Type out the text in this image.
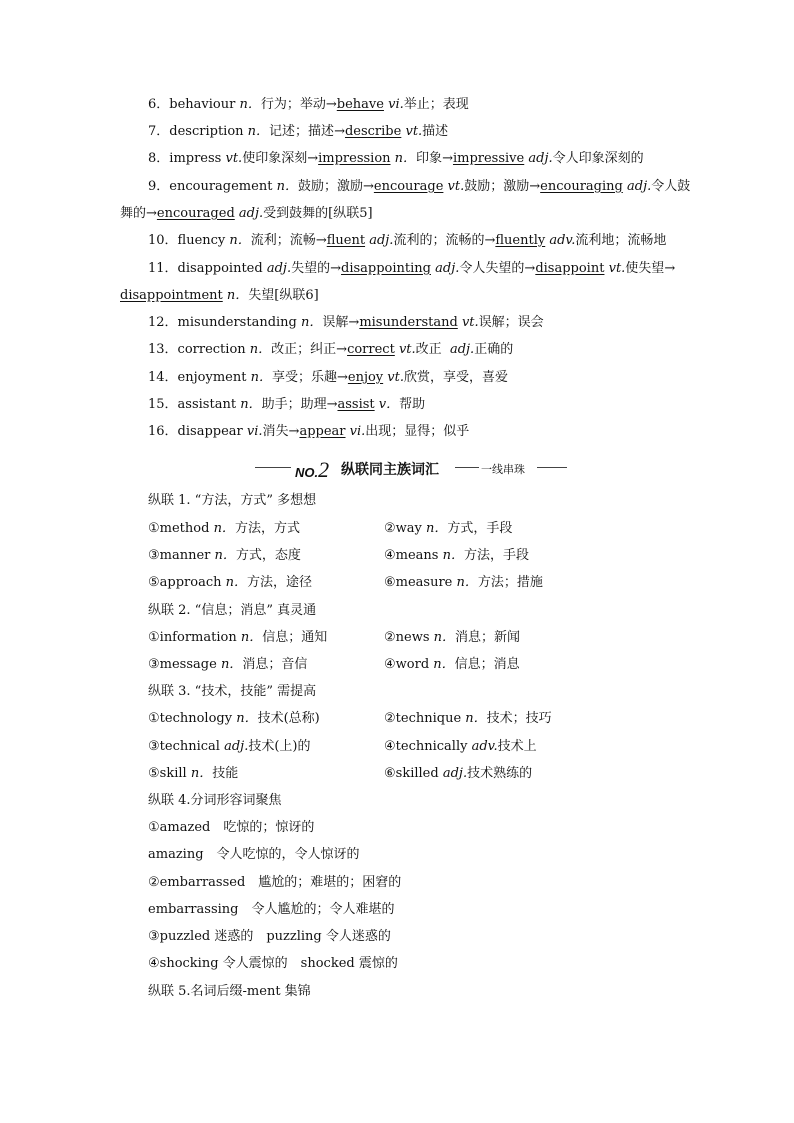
6．behaviour n．行为；举动→behave vi.举止；表现
7．description n．记述；描述→describe vt.描述
8．impress vt.使印象深刻→impression n．印象→impressive adj.令人印象深刻的
9．encouragement n．鼓励；激励→encourage vt.鼓励；激励→encouraging adj.令人鼓
舞的→encouraged adj.受到鼓舞的[纵联5]
10．fluency n．流利；流畅→fluent adj.流利的；流畅的→fluently adv.流利地；流畅地
11．disappointed adj.失望的→disappointing adj.令人失望的→disappoint vt.使失望→
disappointment n．失望[纵联6]
12．misunderstanding n．误解→misunderstand vt.误解；误会
13．correction n．改正；纠正→correct vt.改正 adj.正确的
14．enjoyment n．享受；乐趣→enjoy vt.欣赏，享受，喜爱
15．assistant n．助手；助理→assist v．帮助
16．disappear vi.消失→appear vi.出现；显得；似乎
NO.2 纵联同主族词汇	一线串珠
纵联 1. “方法，方式” 多想想
①method n．方法，方式	②way n．方式，手段
③manner n．方式，态度	④means n．方法，手段
⑤approach n．方法，途径	⑥measure n．方法；措施
纵联 2. “信息；消息” 真灵通
①information n．信息；通知	②news n．消息；新闻
③message n．消息；音信	④word n．信息；消息
纵联 3. “技术，技能” 需提高
①technology n．技术(总称)	②technique n．技术；技巧
③technical adj.技术(上)的	④technically adv.技术上
⑤skill n．技能	⑥skilled adj.技术熟练的
纵联 4.分词形容词聚焦
①amazed　吃惊的；惊讶的
amazing　令人吃惊的，令人惊讶的
②embarrassed　尴尬的；难堪的；困窘的
embarrassing　令人尴尬的；令人难堪的
③puzzled 迷惑的　puzzling 令人迷惑的
④shocking 令人震惊的　shocked 震惊的
纵联 5.名词后缀-ment 集锦
